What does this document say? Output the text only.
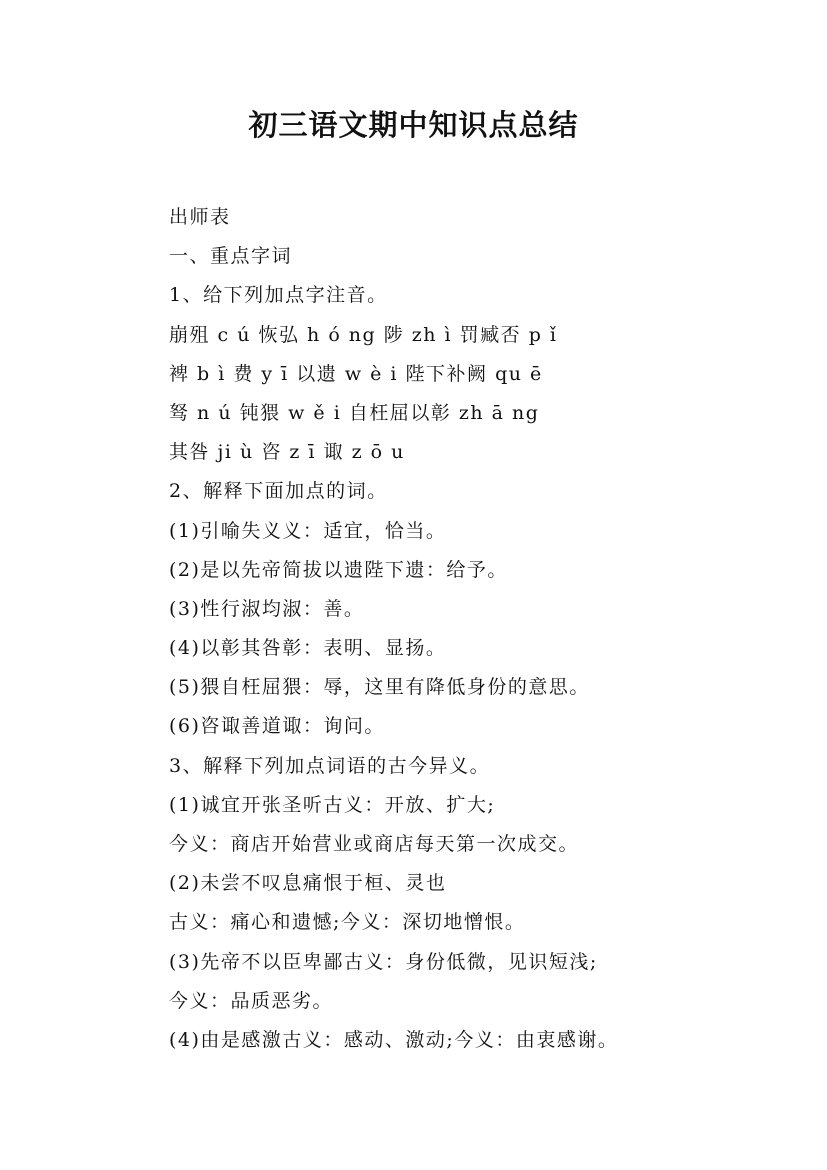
初三语文期中知识点总结
出师表
一、重点字词
1、给下列加点字注音。
崩殂 c ú 恢弘 h ó ng 陟 zh ì 罚臧否 p ǐ
裨 b ì 费 y ī 以遗 w è i 陛下补阙 qu ē
驽 n ú 钝猥 w ě i 自枉屈以彰 zh ā ng
其咎 ji ù 咨 z ī 诹 z ō u
2、解释下面加点的词。
(1)引喻失义义：适宜，恰当。
(2)是以先帝简拔以遗陛下遗：给予。
(3)性行淑均淑：善。
(4)以彰其咎彰：表明、显扬。
(5)猥自枉屈猥：辱，这里有降低身份的意思。
(6)咨诹善道诹：询问。
3、解释下列加点词语的古今异义。
(1)诚宜开张圣听古义：开放、扩大;
今义：商店开始营业或商店每天第一次成交。
(2)未尝不叹息痛恨于桓、灵也
古义：痛心和遗憾;今义：深切地憎恨。
(3)先帝不以臣卑鄙古义：身份低微，见识短浅;
今义：品质恶劣。
(4)由是感激古义：感动、激动;今义：由衷感谢。
